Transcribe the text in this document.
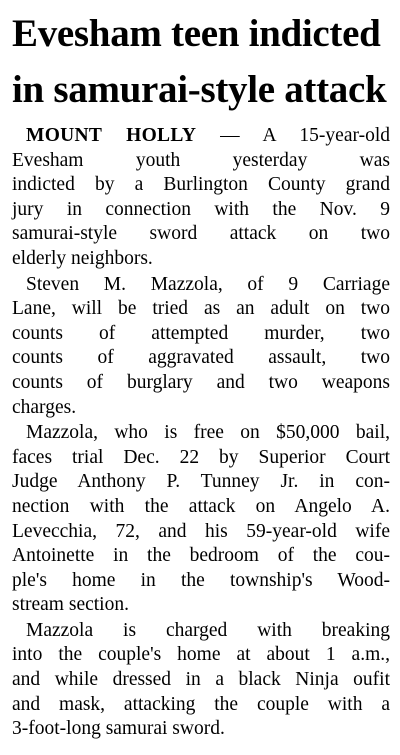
Evesham teen indicted
in samurai-style attack

MOUNT HOLLY — A 15-year-old
Evesham youth yesterday was
indicted by a Burlington County grand
jury in connection with the Nov. 9
samurai-style sword attack on two
elderly neighbors.

Steven M. Mazzola, of 9 Carriage
Lane, will be tried as an adult on two
counts of attempted murder, two
counts of aggravated assault, two
counts of burglary and two weapons
charges.

Mazzola, who is free on $50,000 bail,
faces trial Dec. 22 by Superior Court
Judge Anthony P. Tunney Jr. in con-
nection with the attack on Angelo A.
Levecchia, 72, and his 59-year-old wife
Antoinette in the bedroom of the cou-
ple's home in the township's Wood-
stream section.

Mazzola is charged with breaking
into the couple's home at about 1 a.m.,
and while dressed in a black Ninja oufit
and mask, attacking the couple with a
3-foot-long samurai sword.
